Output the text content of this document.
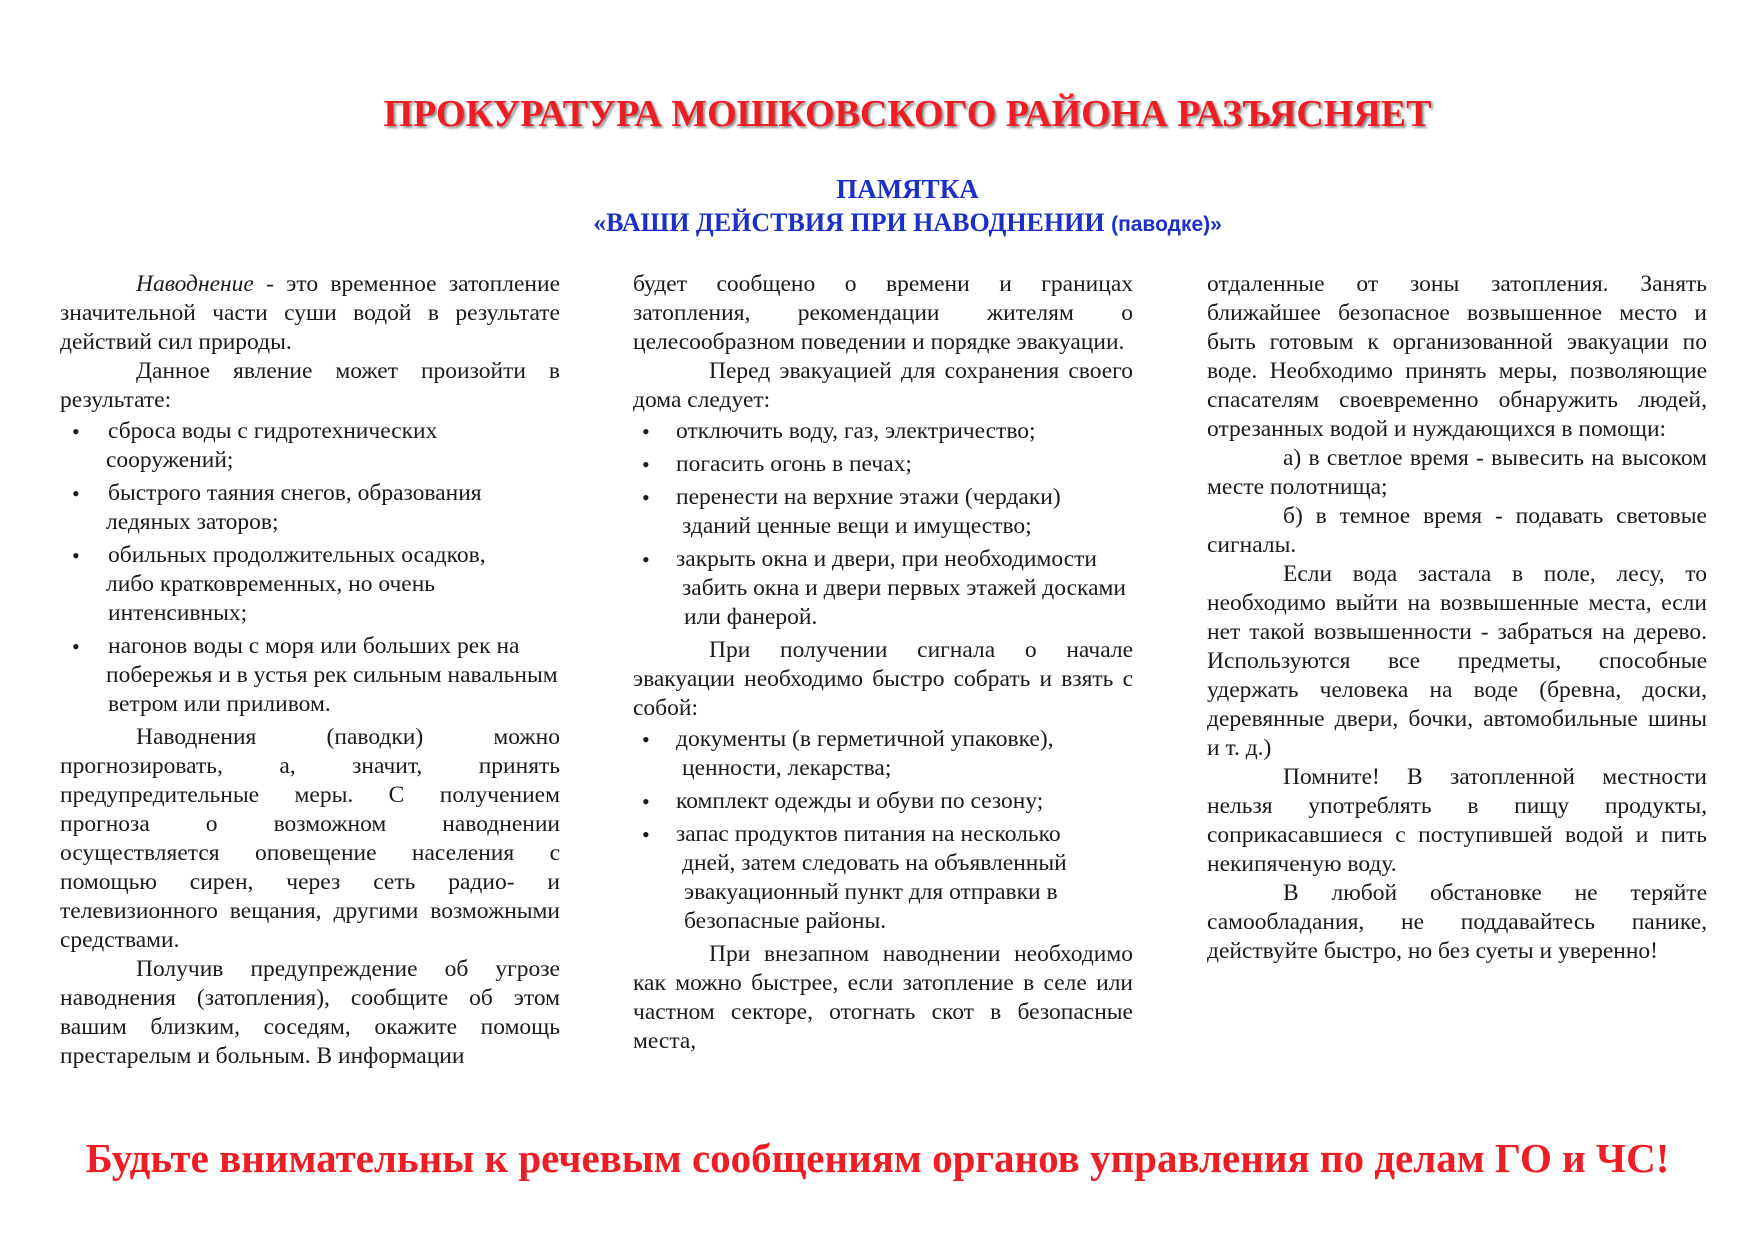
ПРОКУРАТУРА МОШКОВСКОГО РАЙОНА РАЗЪЯСНЯЕТ
ПАМЯТКА
«ВАШИ ДЕЙСТВИЯ ПРИ НАВОДНЕНИИ (паводке)»

Наводнение - это временное затопление значительной части суши водой в результате действий сил природы.

Данное явление может произойти в результате:

• сброса воды с гидротехнических
сооружений;
• быстрого таяния снегов, образования
ледяных заторов;
• обильных продолжительных осадков,
либо кратковременных, но очень интенсивных;
• нагонов воды с моря или больших рек на
побережья и в устья рек сильным навальным ветром или приливом.

Наводнения (паводки) можно прогнозировать, а, значит, принять предупредительные меры. С получением прогноза о возможном наводнении осуществляется оповещение населения с помощью сирен, через сеть радио- и телевизионного вещания, другими возможными средствами.

Получив предупреждение об угрозе наводнения (затопления), сообщите об этом вашим близким, соседям, окажите помощь престарелым и больным. В информации

будет сообщено о времени и границах затопления, рекомендации жителям о целесообразном поведении и порядке эвакуации.

Перед эвакуацией для сохранения своего дома следует:

• отключить воду, газ, электричество;
• погасить огонь в печах;
• перенести на верхние этажи (чердаки)
зданий ценные вещи и имущество;
• закрыть окна и двери, при необходимости
забить окна и двери первых этажей досками или фанерой.

При получении сигнала о начале эвакуации необходимо быстро собрать и взять с собой:

• документы (в герметичной упаковке),
ценности, лекарства;
• комплект одежды и обуви по сезону;
• запас продуктов питания на несколько
дней, затем следовать на объявленный эвакуационный пункт для отправки в безопасные районы.

При внезапном наводнении необходимо как можно быстрее, если затопление в селе или частном секторе, отогнать скот в безопасные места,

отдаленные от зоны затопления. Занять ближайшее безопасное возвышенное место и быть готовым к организованной эвакуации по воде. Необходимо принять меры, позволяющие спасателям своевременно обнаружить людей, отрезанных водой и нуждающихся в помощи:

а) в светлое время - вывесить на высоком месте полотнища;

б) в темное время - подавать световые сигналы.

Если вода застала в поле, лесу, то необходимо выйти на возвышенные места, если нет такой возвышенности - забраться на дерево. Используются все предметы, способные удержать человека на воде (бревна, доски, деревянные двери, бочки, автомобильные шины и т. д.)

Помните! В затопленной местности нельзя употреблять в пищу продукты, соприкасавшиеся с поступившей водой и пить некипяченую воду.

В любой обстановке не теряйте самообладания, не поддавайтесь панике, действуйте быстро, но без суеты и уверенно!

Будьте внимательны к речевым сообщениям органов управления по делам ГО и ЧС!
